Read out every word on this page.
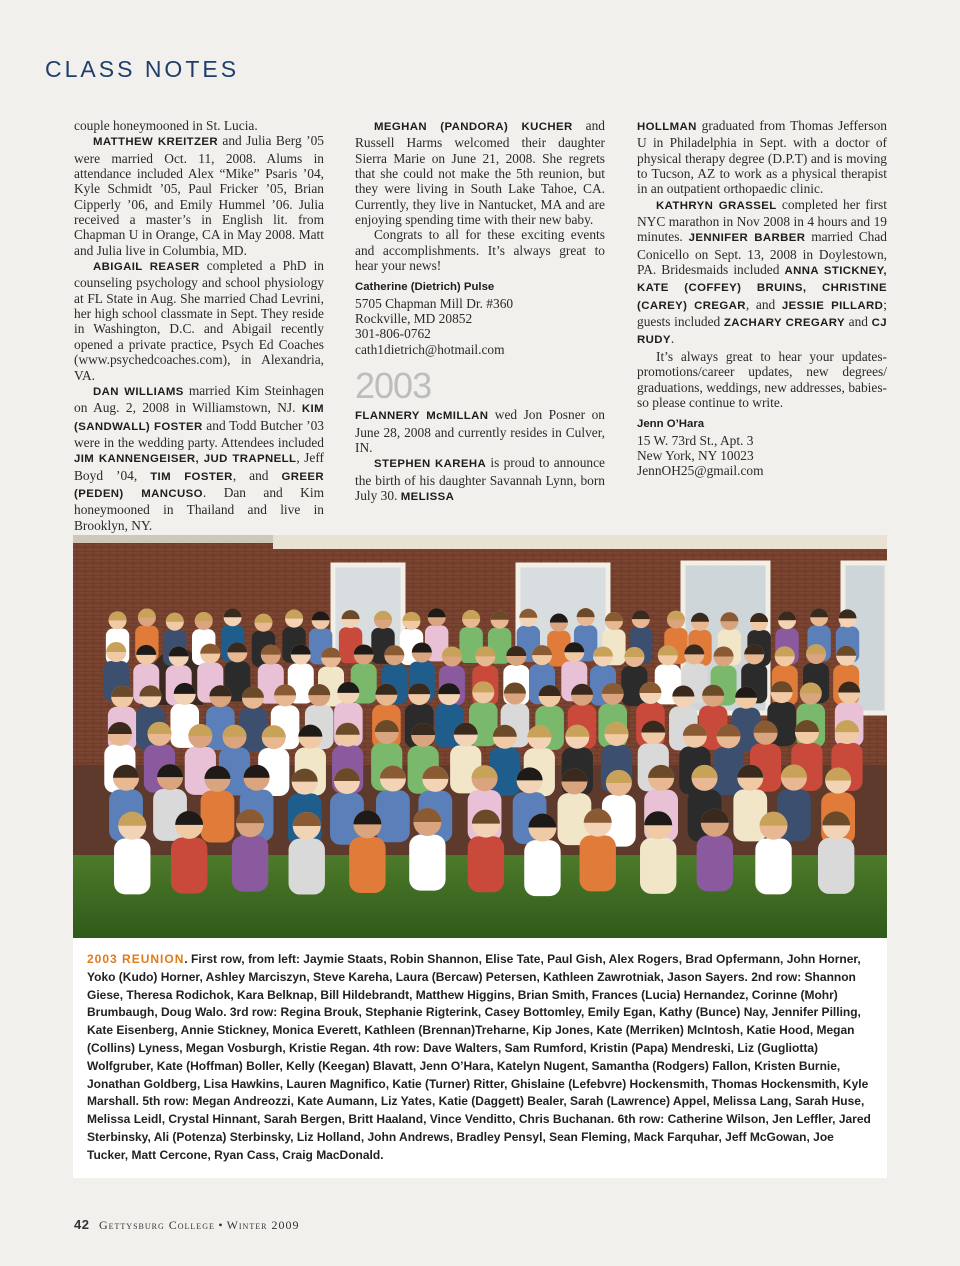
CLASS NOTES

couple honeymooned in St. Lucia.

MATTHEW KREITZER and Julia Berg ’05 were married Oct. 11, 2008. Alums in attendance included Alex “Mike” Psaris ’04, Kyle Schmidt ’05, Paul Fricker ’05, Brian Cipperly ’06, and Emily Hummel ’06. Julia received a master’s in English lit. from Chapman U in Orange, CA in May 2008. Matt and Julia live in Columbia, MD.

ABIGAIL REASER completed a PhD in counseling psychology and school physiology at FL State in Aug. She married Chad Levrini, her high school classmate in Sept. They reside in Washington, D.C. and Abigail recently opened a private practice, Psych Ed Coaches (www.psychedcoaches.com), in Alexandria, VA.

DAN WILLIAMS married Kim Steinhagen on Aug. 2, 2008 in Williamstown, NJ. KIM (SANDWALL) FOSTER and Todd Butcher ’03 were in the wedding party. Attendees included JIM KANNENGEISER, JUD TRAPNELL, Jeff Boyd ’04, TIM FOSTER, and GREER (PEDEN) MANCUSO. Dan and Kim honeymooned in Thailand and live in Brooklyn, NY.

MEGHAN (PANDORA) KUCHER and Russell Harms welcomed their daughter Sierra Marie on June 21, 2008. She regrets that she could not make the 5th reunion, but they were living in South Lake Tahoe, CA. Currently, they live in Nantucket, MA and are enjoying spending time with their new baby.

Congrats to all for these exciting events and accomplishments. It’s always great to hear your news!

Catherine (Dietrich) Pulse
5705 Chapman Mill Dr. #360
Rockville, MD 20852
301-806-0762
cath1dietrich@hotmail.com
2003

FLANNERY McMILLAN wed Jon Posner on June 28, 2008 and currently resides in Culver, IN.

STEPHEN KAREHA is proud to announce the birth of his daughter Savannah Lynn, born July 30. MELISSA

HOLLMAN graduated from Thomas Jefferson U in Philadelphia in Sept. with a doctor of physical therapy degree (D.P.T) and is moving to Tucson, AZ to work as a physical therapist in an outpatient orthopaedic clinic.

KATHRYN GRASSEL completed her first NYC marathon in Nov 2008 in 4 hours and 19 minutes. JENNIFER BARBER married Chad Conicello on Sept. 13, 2008 in Doylestown, PA. Bridesmaids included ANNA STICKNEY, KATE (COFFEY) BRUINS, CHRISTINE (CAREY) CREGAR, and JESSIE PILLARD; guests included ZACHARY CREGARY and CJ RUDY.

It’s always great to hear your updates-promotions/career updates, new degrees/ graduations, weddings, new addresses, babies-so please continue to write.

Jenn O’Hara
15 W. 73rd St., Apt. 3
New York, NY 10023
JennOH25@gmail.com
2003 REUNION. First row, from left: Jaymie Staats, Robin Shannon, Elise Tate, Paul Gish, Alex Rogers, Brad Opfermann, John Horner, Yoko (Kudo) Horner, Ashley Marciszyn, Steve Kareha, Laura (Bercaw) Petersen, Kathleen Zawrotniak, Jason Sayers. 2nd row: Shannon Giese, Theresa Rodichok, Kara Belknap, Bill Hildebrandt, Matthew Higgins, Brian Smith, Frances (Lucia) Hernandez, Corinne (Mohr) Brumbaugh, Doug Walo. 3rd row: Regina Brouk, Stephanie Rigterink, Casey Bottomley, Emily Egan, Kathy (Bunce) Nay, Jennifer Pilling, Kate Eisenberg, Annie Stickney, Monica Everett, Kathleen (Brennan)Treharne, Kip Jones, Kate (Merriken) McIntosh, Katie Hood, Megan (Collins) Lyness, Megan Vosburgh, Kristie Regan. 4th row: Dave Walters, Sam Rumford, Kristin (Papa) Mendreski, Liz (Gugliotta) Wolfgruber, Kate (Hoffman) Boller, Kelly (Keegan) Blavatt, Jenn O’Hara, Katelyn Nugent, Samantha (Rodgers) Fallon, Kristen Burnie, Jonathan Goldberg, Lisa Hawkins, Lauren Magnifico, Katie (Turner) Ritter, Ghislaine (Lefebvre) Hockensmith, Thomas Hockensmith, Kyle Marshall. 5th row: Megan Andreozzi, Kate Aumann, Liz Yates, Katie (Daggett) Bealer, Sarah (Lawrence) Appel, Melissa Lang, Sarah Huse, Melissa Leidl, Crystal Hinnant, Sarah Bergen, Britt Haaland, Vince Venditto, Chris Buchanan. 6th row: Catherine Wilson, Jen Leffler, Jared Sterbinsky, Ali (Potenza) Sterbinsky, Liz Holland, John Andrews, Bradley Pensyl, Sean Fleming, Mack Farquhar, Jeff McGowan, Joe Tucker, Matt Cercone, Ryan Cass, Craig MacDonald.
42 Gettysburg College • Winter 2009
